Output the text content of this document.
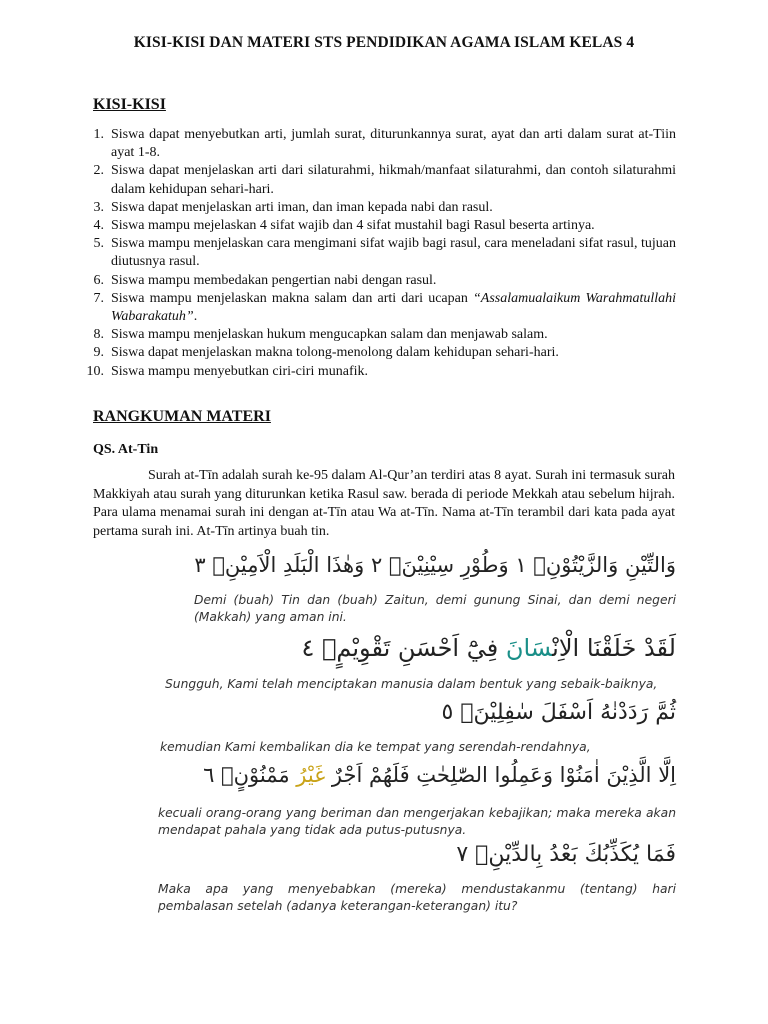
KISI-KISI DAN MATERI STS PENDIDIKAN AGAMA ISLAM KELAS 4
KISI-KISI
1. Siswa dapat menyebutkan arti, jumlah surat, diturunkannya surat, ayat dan arti dalam surat at-Tiin ayat 1-8.
2. Siswa dapat menjelaskan arti dari silaturahmi, hikmah/manfaat silaturahmi, dan contoh silaturahmi dalam kehidupan sehari-hari.
3. Siswa dapat menjelaskan arti iman, dan iman kepada nabi dan rasul.
4. Siswa mampu mejelaskan 4 sifat wajib dan 4 sifat mustahil bagi Rasul beserta artinya.
5. Siswa mampu menjelaskan cara mengimani sifat wajib bagi rasul, cara meneladani sifat rasul, tujuan diutusnya rasul.
6. Siswa mampu membedakan pengertian nabi dengan rasul.
7. Siswa mampu menjelaskan makna salam dan arti dari ucapan “Assalamualaikum Warahmatullahi Wabarakatuh”.
8. Siswa mampu menjelaskan hukum mengucapkan salam dan menjawab salam.
9. Siswa dapat menjelaskan makna tolong-menolong dalam kehidupan sehari-hari.
10. Siswa mampu menyebutkan ciri-ciri munafik.
RANGKUMAN MATERI
QS. At-Tin

Surah at-Tīn adalah surah ke-95 dalam Al-Qur’an terdiri atas 8 ayat. Surah ini termasuk surah Makkiyah atau surah yang diturunkan ketika Rasul saw. berada di periode Mekkah atau sebelum hijrah. Para ulama menamai surah ini dengan at-Tīn atau Wa at-Tīn. Nama at-Tīn terambil dari kata pada ayat pertama surah ini. At-Tīn artinya buah tin.

وَالتِّيْنِ وَالزَّيْتُوْنِۙ ١ وَطُوْرِ سِيْنِيْنَۙ ٢ وَهٰذَا الْبَلَدِ الْاَمِيْنِۙ ٣
Demi (buah) Tin dan (buah) Zaitun, demi gunung Sinai, dan demi negeri (Makkah) yang aman ini.
لَقَدْ خَلَقْنَا الْاِنْسَانَ فِيْٓ اَحْسَنِ تَقْوِيْمٍۖ ٤
Sungguh, Kami telah menciptakan manusia dalam bentuk yang sebaik-baiknya,
ثُمَّ رَدَدْنٰهُ اَسْفَلَ سٰفِلِيْنَۙ ٥
kemudian Kami kembalikan dia ke tempat yang serendah-rendahnya,
اِلَّا الَّذِيْنَ اٰمَنُوْا وَعَمِلُوا الصّٰلِحٰتِ فَلَهُمْ اَجْرٌ غَيْرُ مَمْنُوْنٍۗ ٦
kecuali orang-orang yang beriman dan mengerjakan kebajikan; maka mereka akan mendapat pahala yang tidak ada putus-putusnya.
فَمَا يُكَذِّبُكَ بَعْدُ بِالدِّيْنِۗ ٧
Maka apa yang menyebabkan (mereka) mendustakanmu (tentang) hari pembalasan setelah (adanya keterangan-keterangan) itu?
